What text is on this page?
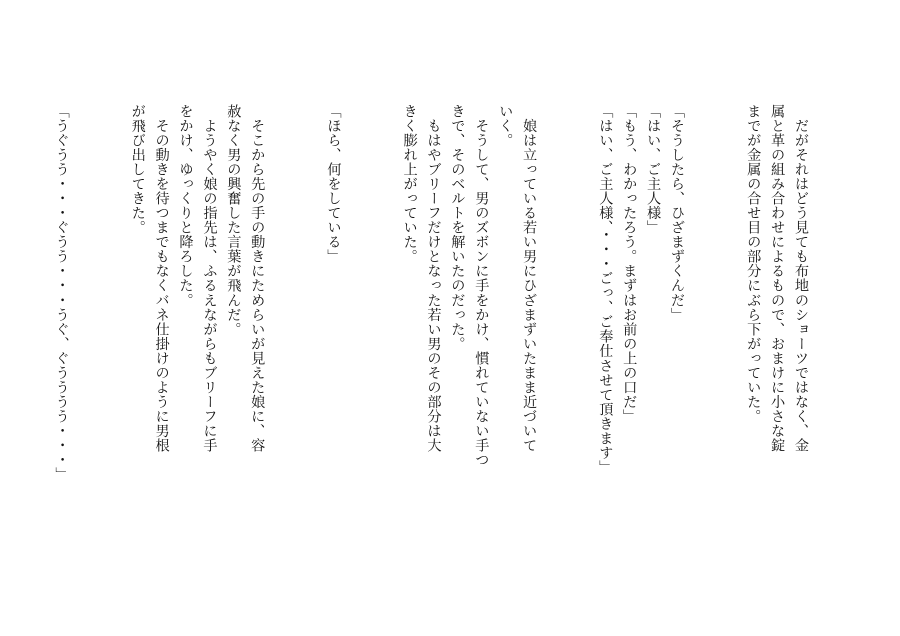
　だがそれはどう見ても布地のショーツではなく、金

属と革の組み合わせによるもので、おまけに小さな錠

までが金属の合せ目の部分にぶら下がっていた。

「そうしたら、ひざまずくんだ」

「はい、ご主人様」

「もう、わかったろう。まずはお前の上の口だ」

「はい、ご主人様、・・・ごっ、ご奉仕させて頂きます」

　娘は立っている若い男にひざまずいたまま近づいて

いく。

　そうして、男のズボンに手をかけ、慣れていない手つ

きで、そのベルトを解いたのだった。

　もはやブリーフだけとなった若い男のその部分は大

きく膨れ上がっていた。

「ほら、何をしている」

　そこから先の手の動きにためらいが見えた娘に、容

赦なく男の興奮した言葉が飛んだ。

　ようやく娘の指先は、ふるえながらもブリーフに手

をかけ、ゆっくりと降ろした。

　その動きを待つまでもなくバネ仕掛けのように男根

が飛び出してきた。

「うぐうう・・・ぐうう・・・うぐ、ぐうううう・・・」
